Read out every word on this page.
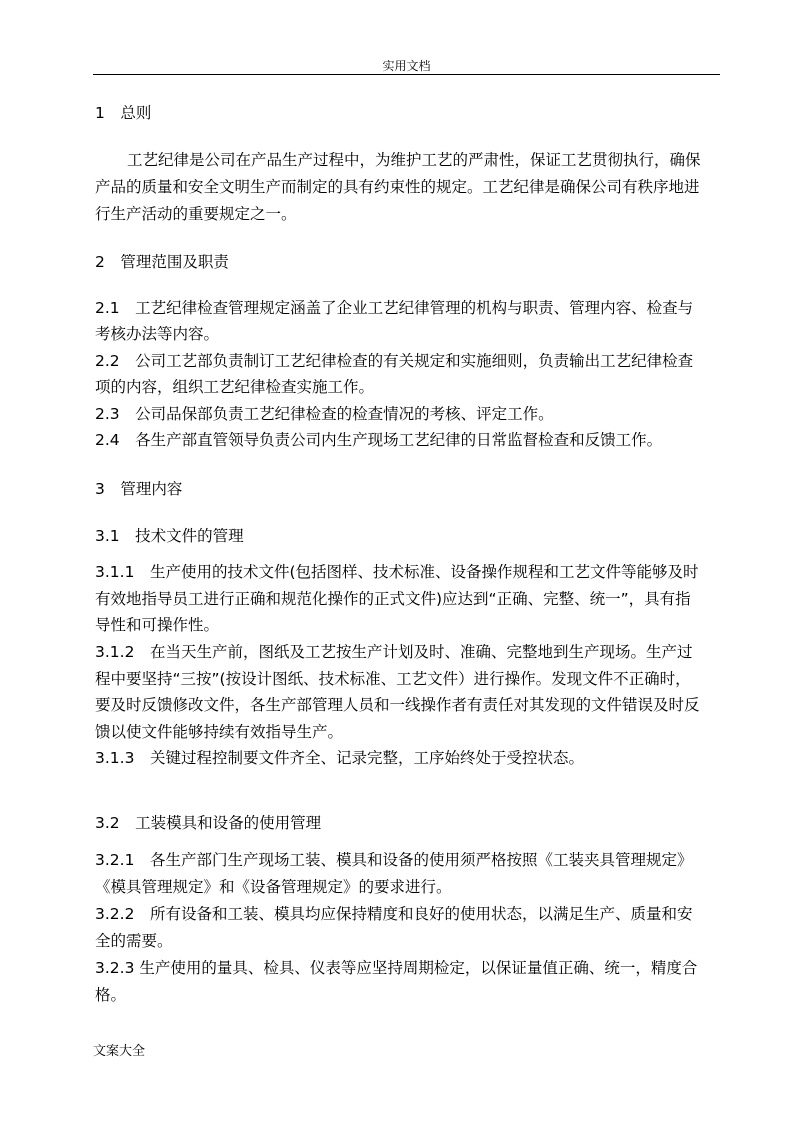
实用文档
1　总则
工艺纪律是公司在产品生产过程中，为维护工艺的严肃性，保证工艺贯彻执行，确保
产品的质量和安全文明生产而制定的具有约束性的规定。工艺纪律是确保公司有秩序地进
行生产活动的重要规定之一。
2　管理范围及职责
2.1　工艺纪律检查管理规定涵盖了企业工艺纪律管理的机构与职责、管理内容、检查与
考核办法等内容。
2.2　公司工艺部负责制订工艺纪律检查的有关规定和实施细则，负责输出工艺纪律检查
项的内容，组织工艺纪律检查实施工作。
2.3　公司品保部负责工艺纪律检查的检查情况的考核、评定工作。
2.4　各生产部直管领导负责公司内生产现场工艺纪律的日常监督检查和反馈工作。
3　管理内容
3.1　技术文件的管理
3.1.1　生产使用的技术文件(包括图样、技术标准、设备操作规程和工艺文件等能够及时
有效地指导员工进行正确和规范化操作的正式文件)应达到“正确、完整、统一”，具有指
导性和可操作性。
3.1.2　在当天生产前，图纸及工艺按生产计划及时、准确、完整地到生产现场。生产过
程中要坚持“三按”(按设计图纸、技术标准、工艺文件）进行操作。发现文件不正确时，
要及时反馈修改文件，各生产部管理人员和一线操作者有责任对其发现的文件错误及时反
馈以使文件能够持续有效指导生产。
3.1.3　关键过程控制要文件齐全、记录完整，工序始终处于受控状态。
3.2　工装模具和设备的使用管理
3.2.1　各生产部门生产现场工装、模具和设备的使用须严格按照《工装夹具管理规定》
《模具管理规定》和《设备管理规定》的要求进行。
3.2.2　所有设备和工装、模具均应保持精度和良好的使用状态，以满足生产、质量和安
全的需要。
3.2.3 生产使用的量具、检具、仪表等应坚持周期检定，以保证量值正确、统一，精度合
格。
文案大全
